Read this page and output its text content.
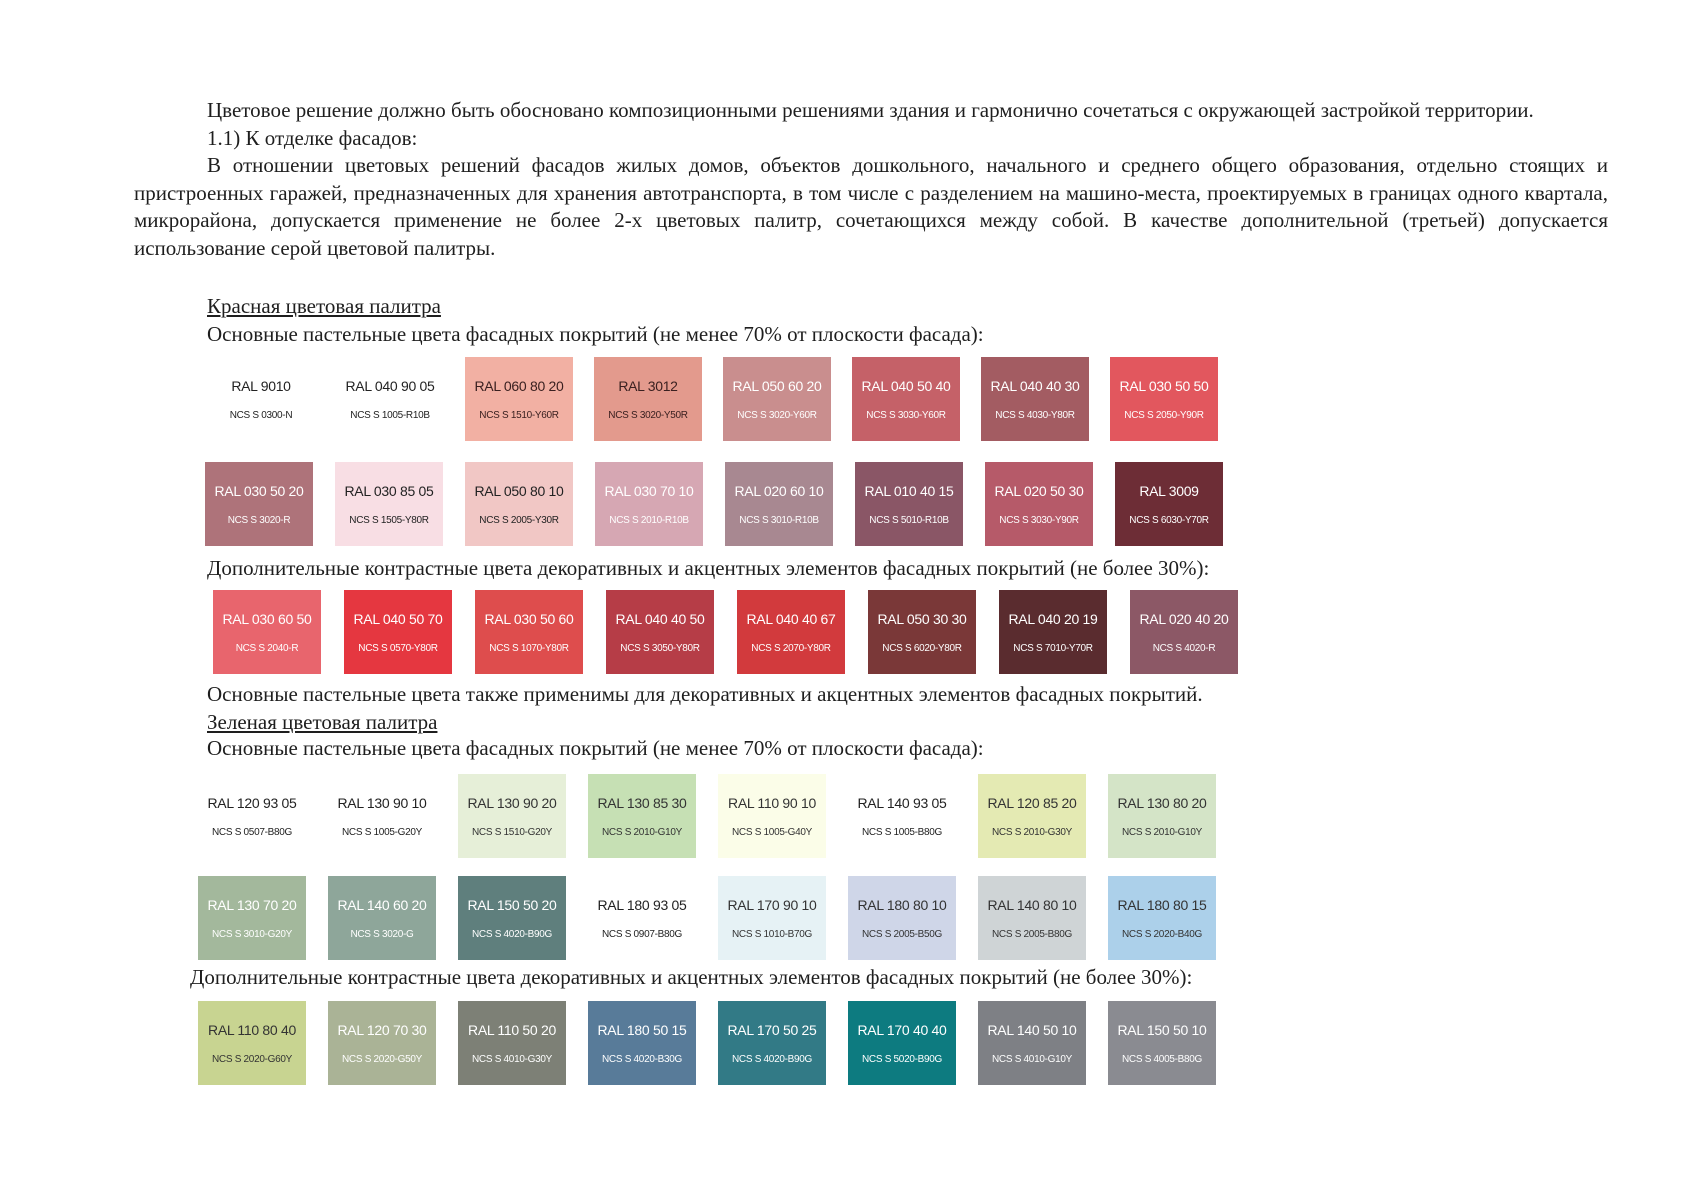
Цветовое решение должно быть обосновано композиционными решениями здания и гармонично сочетаться с окружающей застройкой территории.

1.1) К отделке фасадов:

В отношении цветовых решений фасадов жилых домов, объектов дошкольного, начального и среднего общего образования, отдельно стоящих и пристроенных гаражей, предназначенных для хранения автотранспорта, в том числе с разделением на машино-места, проектируемых в границах одного квартала, микрорайона, допускается применение не более 2-х цветовых палитр, сочетающихся между собой. В качестве дополнительной (третьей) допускается использование серой цветовой палитры.

Красная цветовая палитра
Основные пастельные цвета фасадных покрытий (не менее 70% от плоскости фасада):
RAL 9010
NCS S 0300-N
RAL 040 90 05
NCS S 1005-R10B
RAL 060 80 20
NCS S 1510-Y60R
RAL 3012
NCS S 3020-Y50R
RAL 050 60 20
NCS S 3020-Y60R
RAL 040 50 40
NCS S 3030-Y60R
RAL 040 40 30
NCS S 4030-Y80R
RAL 030 50 50
NCS S 2050-Y90R
RAL 030 50 20
NCS S 3020-R
RAL 030 85 05
NCS S 1505-Y80R
RAL 050 80 10
NCS S 2005-Y30R
RAL 030 70 10
NCS S 2010-R10B
RAL 020 60 10
NCS S 3010-R10B
RAL 010 40 15
NCS S 5010-R10B
RAL 020 50 30
NCS S 3030-Y90R
RAL 3009
NCS S 6030-Y70R
Дополнительные контрастные цвета декоративных и акцентных элементов фасадных покрытий (не более 30%):
RAL 030 60 50
NCS S 2040-R
RAL 040 50 70
NCS S 0570-Y80R
RAL 030 50 60
NCS S 1070-Y80R
RAL 040 40 50
NCS S 3050-Y80R
RAL 040 40 67
NCS S 2070-Y80R
RAL 050 30 30
NCS S 6020-Y80R
RAL 040 20 19
NCS S 7010-Y70R
RAL 020 40 20
NCS S 4020-R
Основные пастельные цвета также применимы для декоративных и акцентных элементов фасадных покрытий.
Зеленая цветовая палитра
Основные пастельные цвета фасадных покрытий (не менее 70% от плоскости фасада):
RAL 120 93 05
NCS S 0507-B80G
RAL 130 90 10
NCS S 1005-G20Y
RAL 130 90 20
NCS S 1510-G20Y
RAL 130 85 30
NCS S 2010-G10Y
RAL 110 90 10
NCS S 1005-G40Y
RAL 140 93 05
NCS S 1005-B80G
RAL 120 85 20
NCS S 2010-G30Y
RAL 130 80 20
NCS S 2010-G10Y
RAL 130 70 20
NCS S 3010-G20Y
RAL 140 60 20
NCS S 3020-G
RAL 150 50 20
NCS S 4020-B90G
RAL 180 93 05
NCS S 0907-B80G
RAL 170 90 10
NCS S 1010-B70G
RAL 180 80 10
NCS S 2005-B50G
RAL 140 80 10
NCS S 2005-B80G
RAL 180 80 15
NCS S 2020-B40G
Дополнительные контрастные цвета декоративных и акцентных элементов фасадных покрытий (не более 30%):
RAL 110 80 40
NCS S 2020-G60Y
RAL 120 70 30
NCS S 2020-G50Y
RAL 110 50 20
NCS S 4010-G30Y
RAL 180 50 15
NCS S 4020-B30G
RAL 170 50 25
NCS S 4020-B90G
RAL 170 40 40
NCS S 5020-B90G
RAL 140 50 10
NCS S 4010-G10Y
RAL 150 50 10
NCS S 4005-B80G
